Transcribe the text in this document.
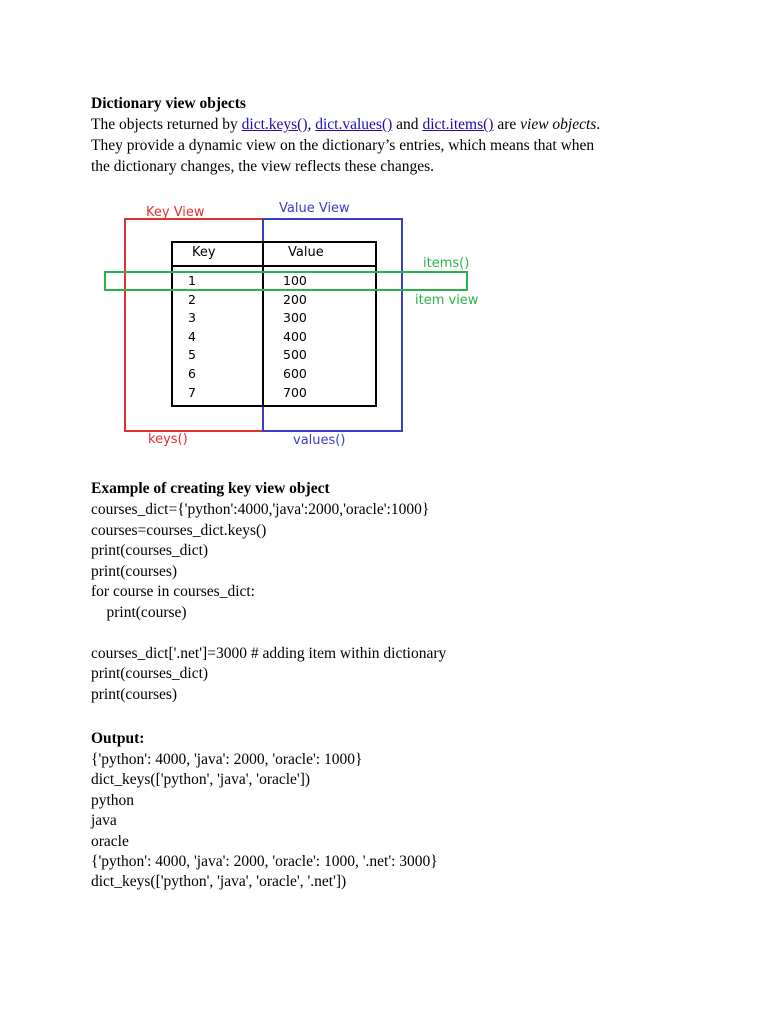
Dictionary view objects
The objects returned by dict.keys(), dict.values() and dict.items() are view objects.
They provide a dynamic view on the dictionary’s entries, which means that when
the dictionary changes, the view reflects these changes.
Key	Value
1	100
2	200
3	300
4	400
5	500
6	600
7	700
Key View	Value View
items()
item view
keys()	values()
Example of creating key view object
courses_dict={'python':4000,'java':2000,'oracle':1000}
courses=courses_dict.keys()
print(courses_dict)
print(courses)
for course in courses_dict:
print(course)
courses_dict['.net']=3000 # adding item within dictionary
print(courses_dict)
print(courses)
Output:
{'python': 4000, 'java': 2000, 'oracle': 1000}
dict_keys(['python', 'java', 'oracle'])
python
java
oracle
{'python': 4000, 'java': 2000, 'oracle': 1000, '.net': 3000}
dict_keys(['python', 'java', 'oracle', '.net'])
